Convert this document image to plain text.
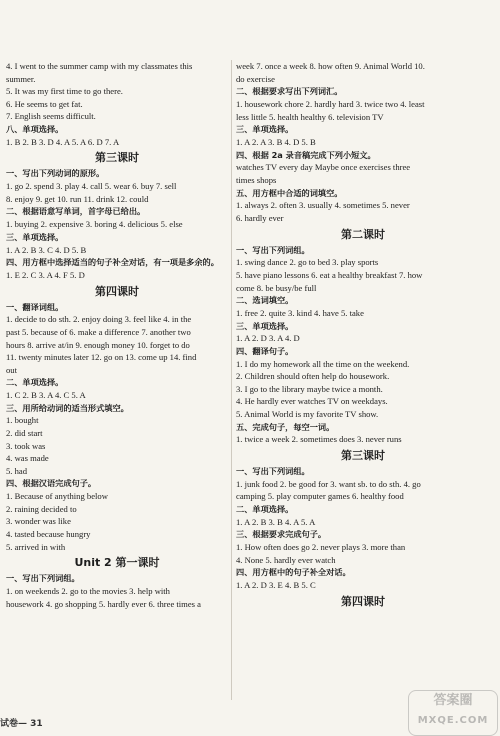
4. I went to the summer camp with my classmates this

summer.

5. It was my first time to go there.

6. He seems to get fat.

7. English seems difficult.

八、单项选择。

1. B 2. B 3. D 4. A 5. A 6. D 7. A

第三课时

一、写出下列动词的原形。

1. go 2. spend 3. play 4. call 5. wear 6. buy 7. sell

8. enjoy 9. get 10. run 11. drink 12. could

二、根据语意写单词，首字母已给出。

1. buying 2. expensive 3. boring 4. delicious 5. else

三、单项选择。

1. A 2. B 3. C 4. D 5. B

四、用方框中选择适当的句子补全对话，有一项是多余的。

1. E 2. C 3. A 4. F 5. D

第四课时

一、翻译词组。

1. decide to do sth. 2. enjoy doing 3. feel like 4. in the

past 5. because of 6. make a difference 7. another two

hours 8. arrive at/in 9. enough money 10. forget to do

11. twenty minutes later 12. go on 13. come up 14. find

out

二、单项选择。

1. C 2. B 3. A 4. C 5. A

三、用所给动词的适当形式填空。

1. bought

2. did start

3. took was

4. was made

5. had

四、根据汉语完成句子。

1. Because of anything below

2. raining decided to

3. wonder was like

4. tasted because hungry

5. arrived in with

Unit 2 第一课时

一、写出下列词组。

1. on weekends 2. go to the movies 3. help with

housework 4. go shopping 5. hardly ever 6. three times a

week 7. once a week 8. how often 9. Animal World 10.

do exercise

二、根据要求写出下列词汇。

1. housework chore 2. hardly hard 3. twice two 4. least

less little 5. health healthy 6. television TV

三、单项选择。

1. A 2. A 3. B 4. D 5. B

四、根据 2a 录音稿完成下列小短文。

watches TV every day Maybe once exercises three

times shops

五、用方框中合适的词填空。

1. always 2. often 3. usually 4. sometimes 5. never

6. hardly ever

第二课时

一、写出下列词组。

1. swing dance 2. go to bed 3. play sports

5. have piano lessons 6. eat a healthy breakfast 7. how

come 8. be busy/be full

二、选词填空。

1. free 2. quite 3. kind 4. have 5. take

三、单项选择。

1. A 2. D 3. A 4. D

四、翻译句子。

1. I do my homework all the time on the weekend.

2. Children should often help do housework.

3. I go to the library maybe twice a month.

4. He hardly ever watches TV on weekdays.

5. Animal World is my favorite TV show.

五、完成句子，每空一词。

1. twice a week 2. sometimes does 3. never runs

第三课时

一、写出下列词组。

1. junk food 2. be good for 3. want sb. to do sth. 4. go

camping 5. play computer games 6. healthy food

二、单项选择。

1. A 2. B 3. B 4. A 5. A

三、根据要求完成句子。

1. How often does go 2. never plays 3. more than

4. None 5. hardly ever watch

四、用方框中的句子补全对话。

1. A 2. D 3. E 4. B 5. C

第四课时

试卷— 31
答案圈
MXQE.COM
